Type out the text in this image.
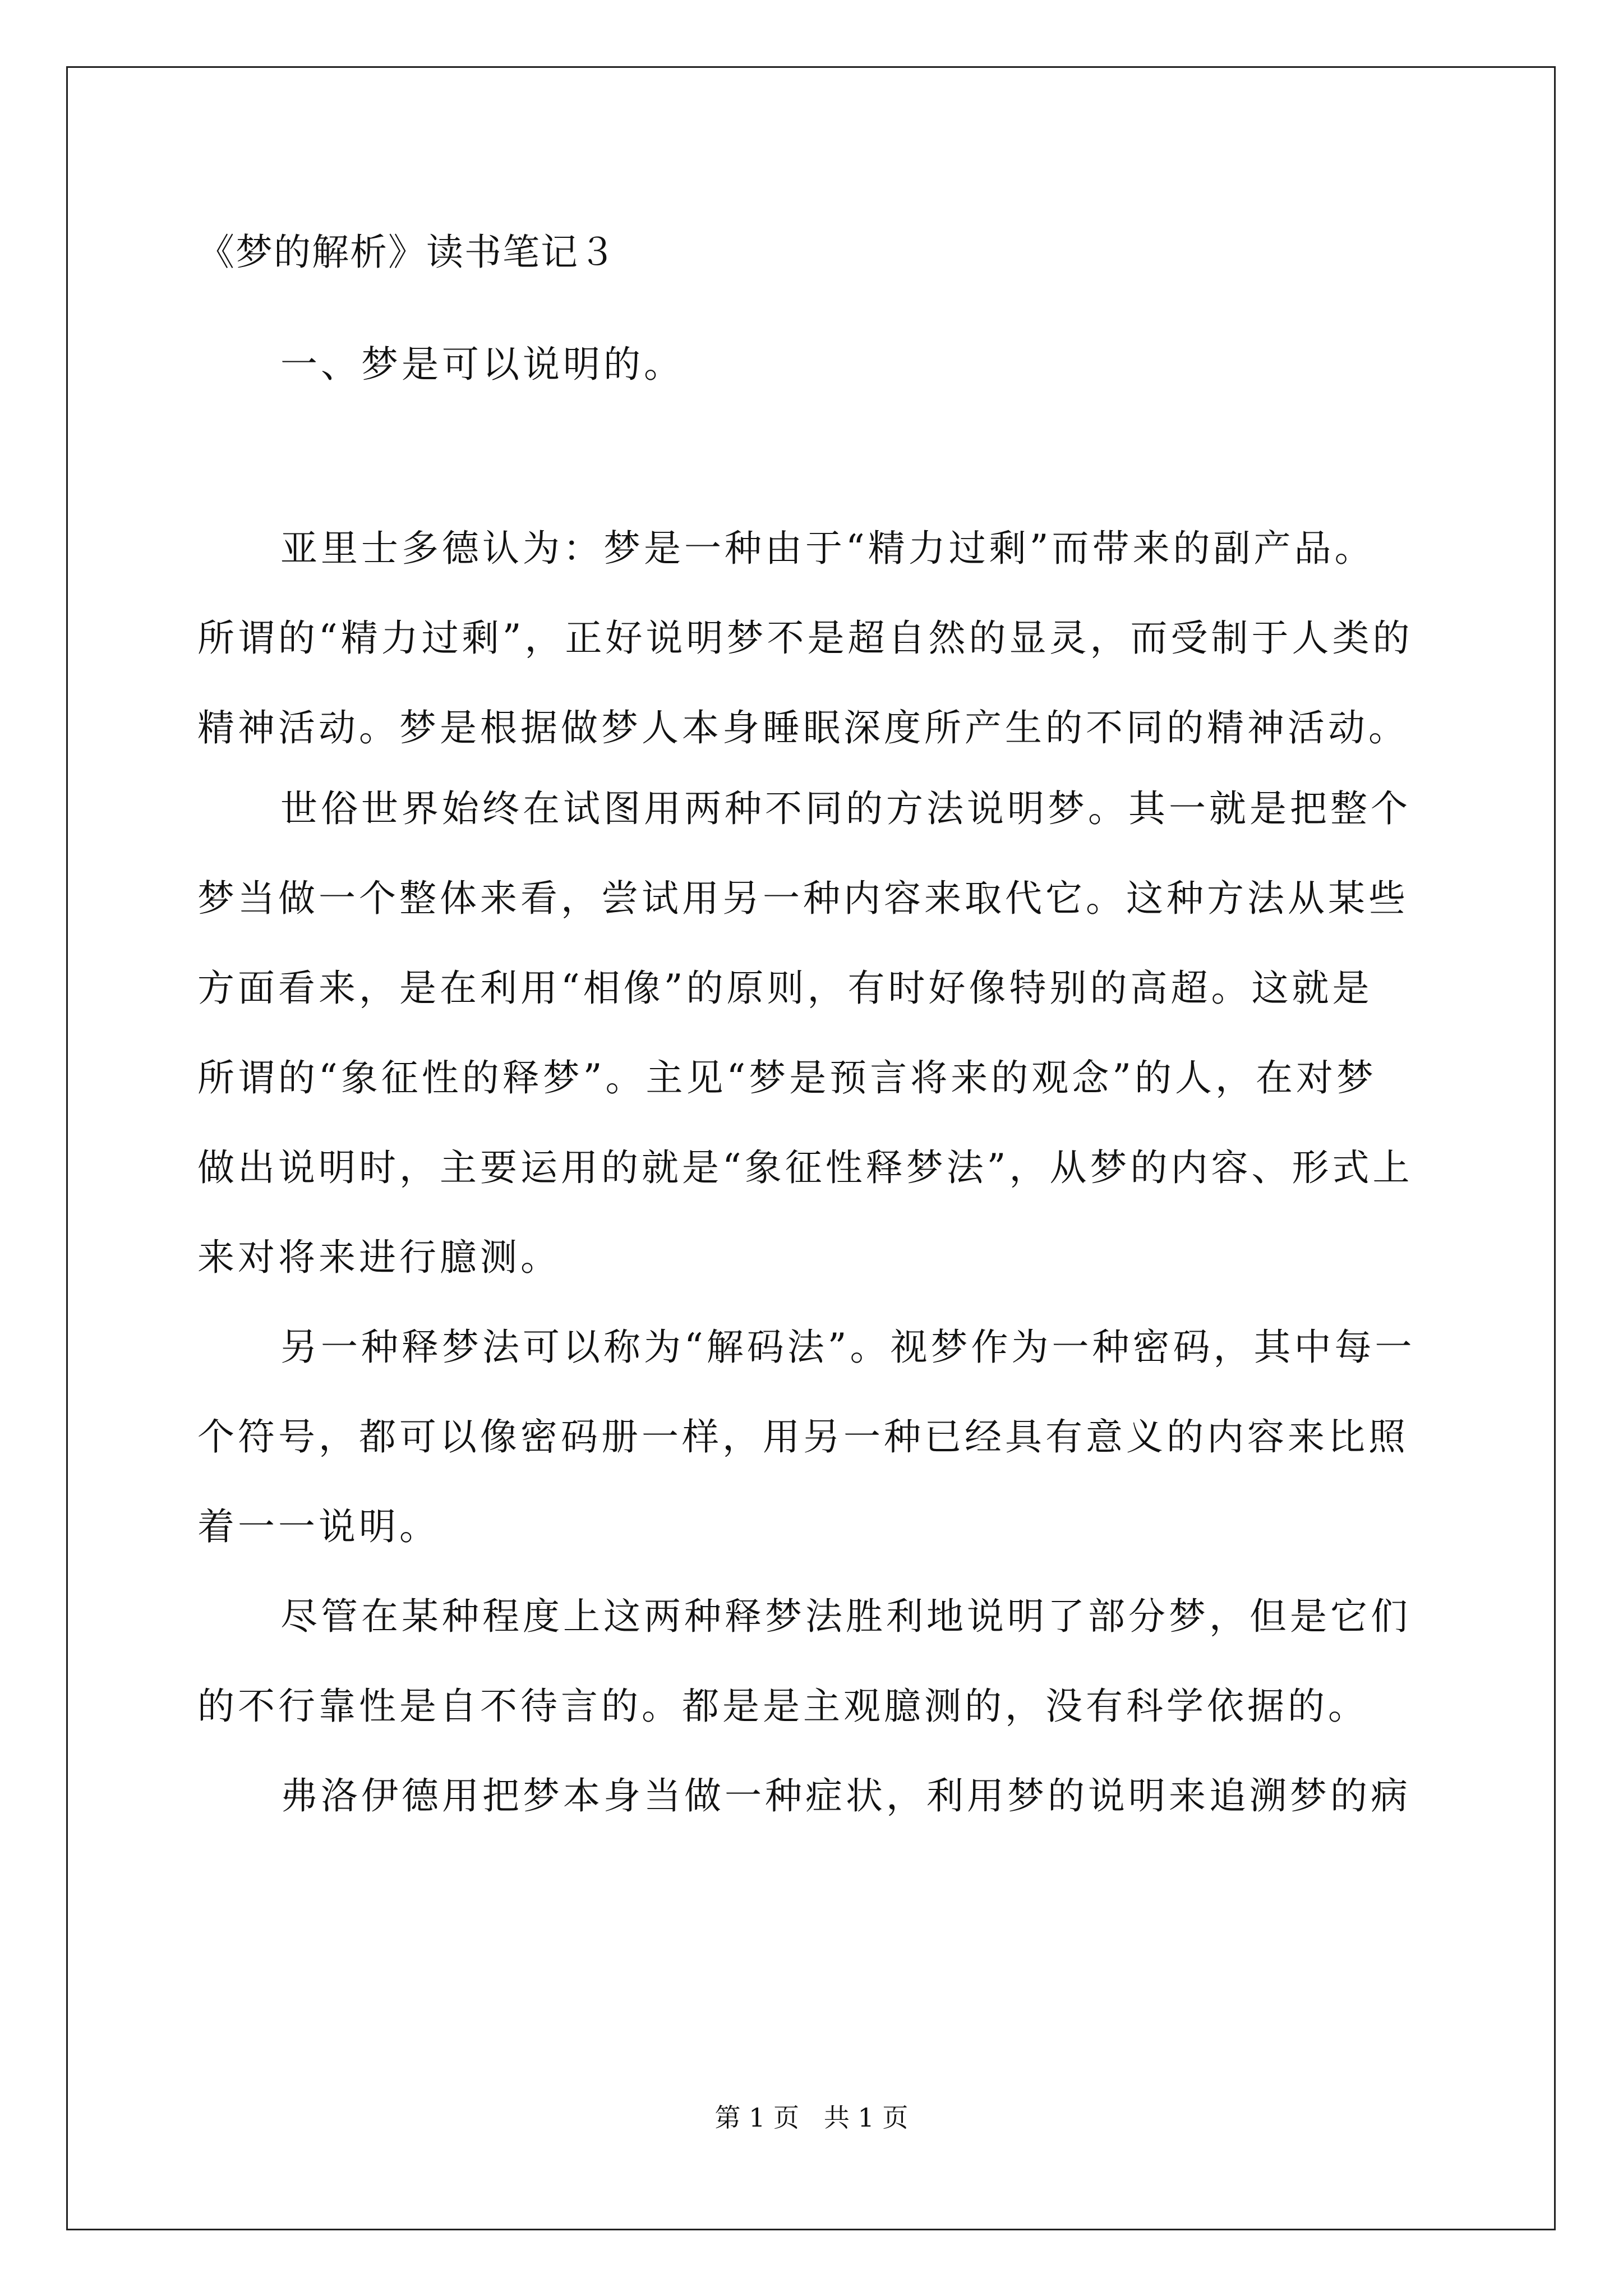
《梦的解析》读书笔记３
一、梦是可以说明的。
亚里士多德认为：梦是一种由于“精力过剩”而带来的副产品。
所谓的“精力过剩”，正好说明梦不是超自然的显灵，而受制于人类的
精神活动。梦是根据做梦人本身睡眠深度所产生的不同的精神活动。
世俗世界始终在试图用两种不同的方法说明梦。其一就是把整个
梦当做一个整体来看，尝试用另一种内容来取代它。这种方法从某些
方面看来，是在利用“相像”的原则，有时好像特别的高超。这就是
所谓的“象征性的释梦”。主见“梦是预言将来的观念”的人，在对梦
做出说明时，主要运用的就是“象征性释梦法”，从梦的内容、形式上
来对将来进行臆测。
另一种释梦法可以称为“解码法”。视梦作为一种密码，其中每一
个符号，都可以像密码册一样，用另一种已经具有意义的内容来比照
着一一说明。
尽管在某种程度上这两种释梦法胜利地说明了部分梦，但是它们
的不行靠性是自不待言的。都是是主观臆测的，没有科学依据的。
弗洛伊德用把梦本身当做一种症状，利用梦的说明来追溯梦的病
第 1 页   共 1 页
